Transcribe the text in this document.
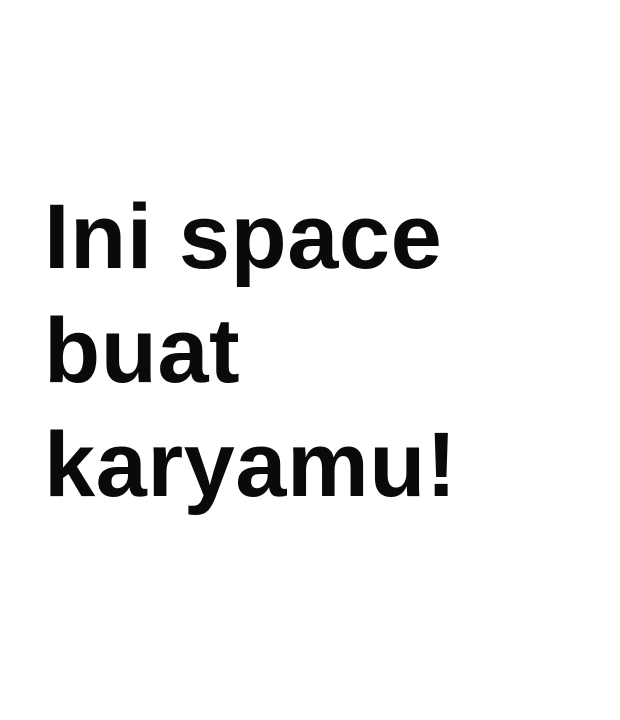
Ini space
buat
karyamu!
